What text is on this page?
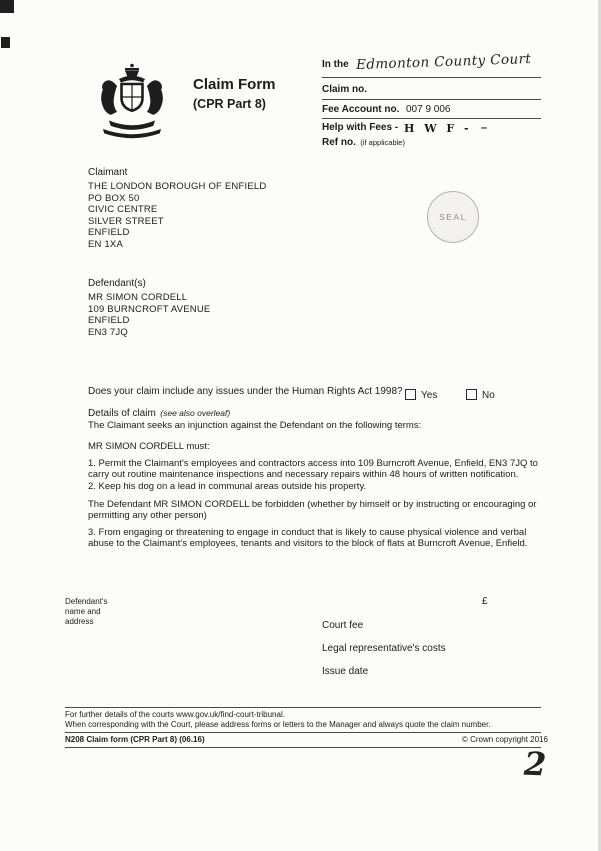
Claim Form
(CPR Part 8)
In the Edmonton County Court
Claim no.
Fee Account no. 007 9 006
Help with Fees -
Ref no. (if applicable)
H W F - –
Claimant
THE LONDON BOROUGH OF ENFIELD
PO BOX 50
CIVIC CENTRE
SILVER STREET
ENFIELD
EN 1XA
SEAL
Defendant(s)
MR SIMON CORDELL
109 BURNCROFT AVENUE
ENFIELD
EN3 7JQ
Does your claim include any issues under the Human Rights Act 1998?	Yes	No
Details of claim (see also overleaf)
The Claimant seeks an injunction against the Defendant on the following terms:
MR SIMON CORDELL must:
1. Permit the Claimant's employees and contractors access into 109 Burncroft Avenue, Enfield, EN3 7JQ to carry out routine maintenance inspections and necessary repairs within 48 hours of written notification.
2. Keep his dog on a lead in communal areas outside his property.
The Defendant MR SIMON CORDELL be forbidden (whether by himself or by instructing or encouraging or permitting any other person)
3. From engaging or threatening to engage in conduct that is likely to cause physical violence and verbal abuse to the Claimant's employees, tenants and visitors to the block of flats at Burncroft Avenue, Enfield.
Defendant's
name and
address
£
Court fee
Legal representative's costs
Issue date
For further details of the courts www.gov.uk/find-court-tribunal.
When corresponding with the Court, please address forms or letters to the Manager and always quote the claim number.
N208 Claim form (CPR Part 8) (06.16)	© Crown copyright 2016
2
